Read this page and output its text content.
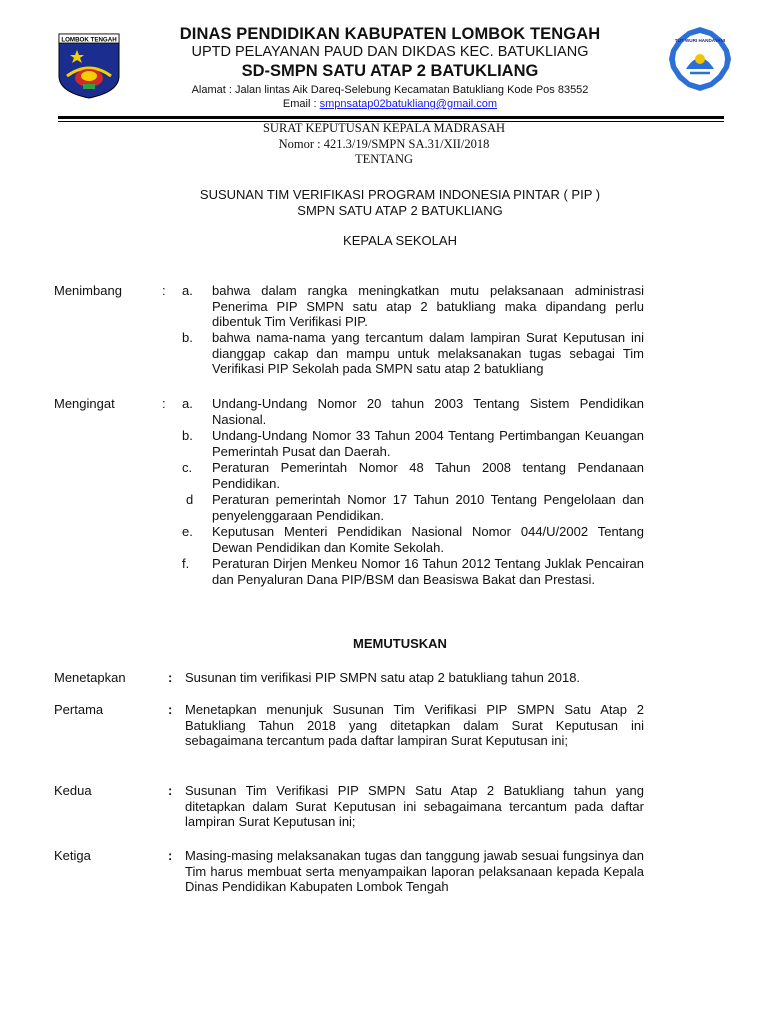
LOMBOK TENGAH	DINAS PENDIDIKAN KABUPATEN LOMBOK TENGAH
UPTD PELAYANAN PAUD DAN DIKDAS KEC. BATUKLIANG
SD-SMPN SATU ATAP 2 BATUKLIANG
Alamat : Jalan lintas Aik Dareq-Selebung Kecamatan Batukliang Kode Pos 83552
Email : smpnsatap02batukliang@gmail.com
TUT WURI HANDAYANI
SURAT KEPUTUSAN KEPALA MADRASAH
Nomor : 421.3/19/SMPN SA.31/XII/2018
TENTANG
SUSUNAN TIM VERIFIKASI PROGRAM INDONESIA PINTAR ( PIP )
SMPN SATU ATAP 2 BATUKLIANG
KEPALA SEKOLAH
Menimbang	: a.	bahwa dalam rangka meningkatkan mutu pelaksanaan administrasi Penerima PIP SMPN satu atap 2 batukliang maka dipandang perlu dibentuk Tim Verifikasi PIP.
b.	bahwa nama-nama yang tercantum dalam lampiran Surat Keputusan ini dianggap cakap dan mampu untuk melaksanakan tugas sebagai Tim Verifikasi PIP Sekolah pada SMPN satu atap 2 batukliang
Mengingat	: a.	Undang-Undang Nomor 20 tahun 2003 Tentang Sistem Pendidikan Nasional.
b.	Undang-Undang Nomor 33 Tahun 2004 Tentang Pertimbangan Keuangan Pemerintah Pusat dan Daerah.
c.	Peraturan Pemerintah Nomor 48 Tahun 2008 tentang Pendanaan Pendidikan.
d	Peraturan pemerintah Nomor 17 Tahun 2010 Tentang Pengelolaan dan penyelenggaraan Pendidikan.
e.	Keputusan Menteri Pendidikan Nasional Nomor 044/U/2002 Tentang Dewan Pendidikan dan Komite Sekolah.
f.	Peraturan Dirjen Menkeu Nomor 16 Tahun 2012 Tentang Juklak Pencairan dan Penyaluran Dana PIP/BSM dan Beasiswa Bakat dan Prestasi.
MEMUTUSKAN
Menetapkan	: Susunan tim verifikasi PIP SMPN satu atap 2 batukliang tahun 2018.
Pertama	: Menetapkan menunjuk Susunan Tim Verifikasi PIP SMPN Satu Atap 2 Batukliang Tahun 2018 yang ditetapkan dalam Surat Keputusan ini sebagaimana tercantum pada daftar lampiran Surat Keputusan ini;
Kedua	: Susunan Tim Verifikasi PIP SMPN Satu Atap 2 Batukliang tahun yang ditetapkan dalam Surat Keputusan ini sebagaimana tercantum pada daftar lampiran Surat Keputusan ini;
Ketiga	: Masing-masing melaksanakan tugas dan tanggung jawab sesuai fungsinya dan Tim harus membuat serta menyampaikan laporan pelaksanaan kepada Kepala Dinas Pendidikan Kabupaten Lombok Tengah
